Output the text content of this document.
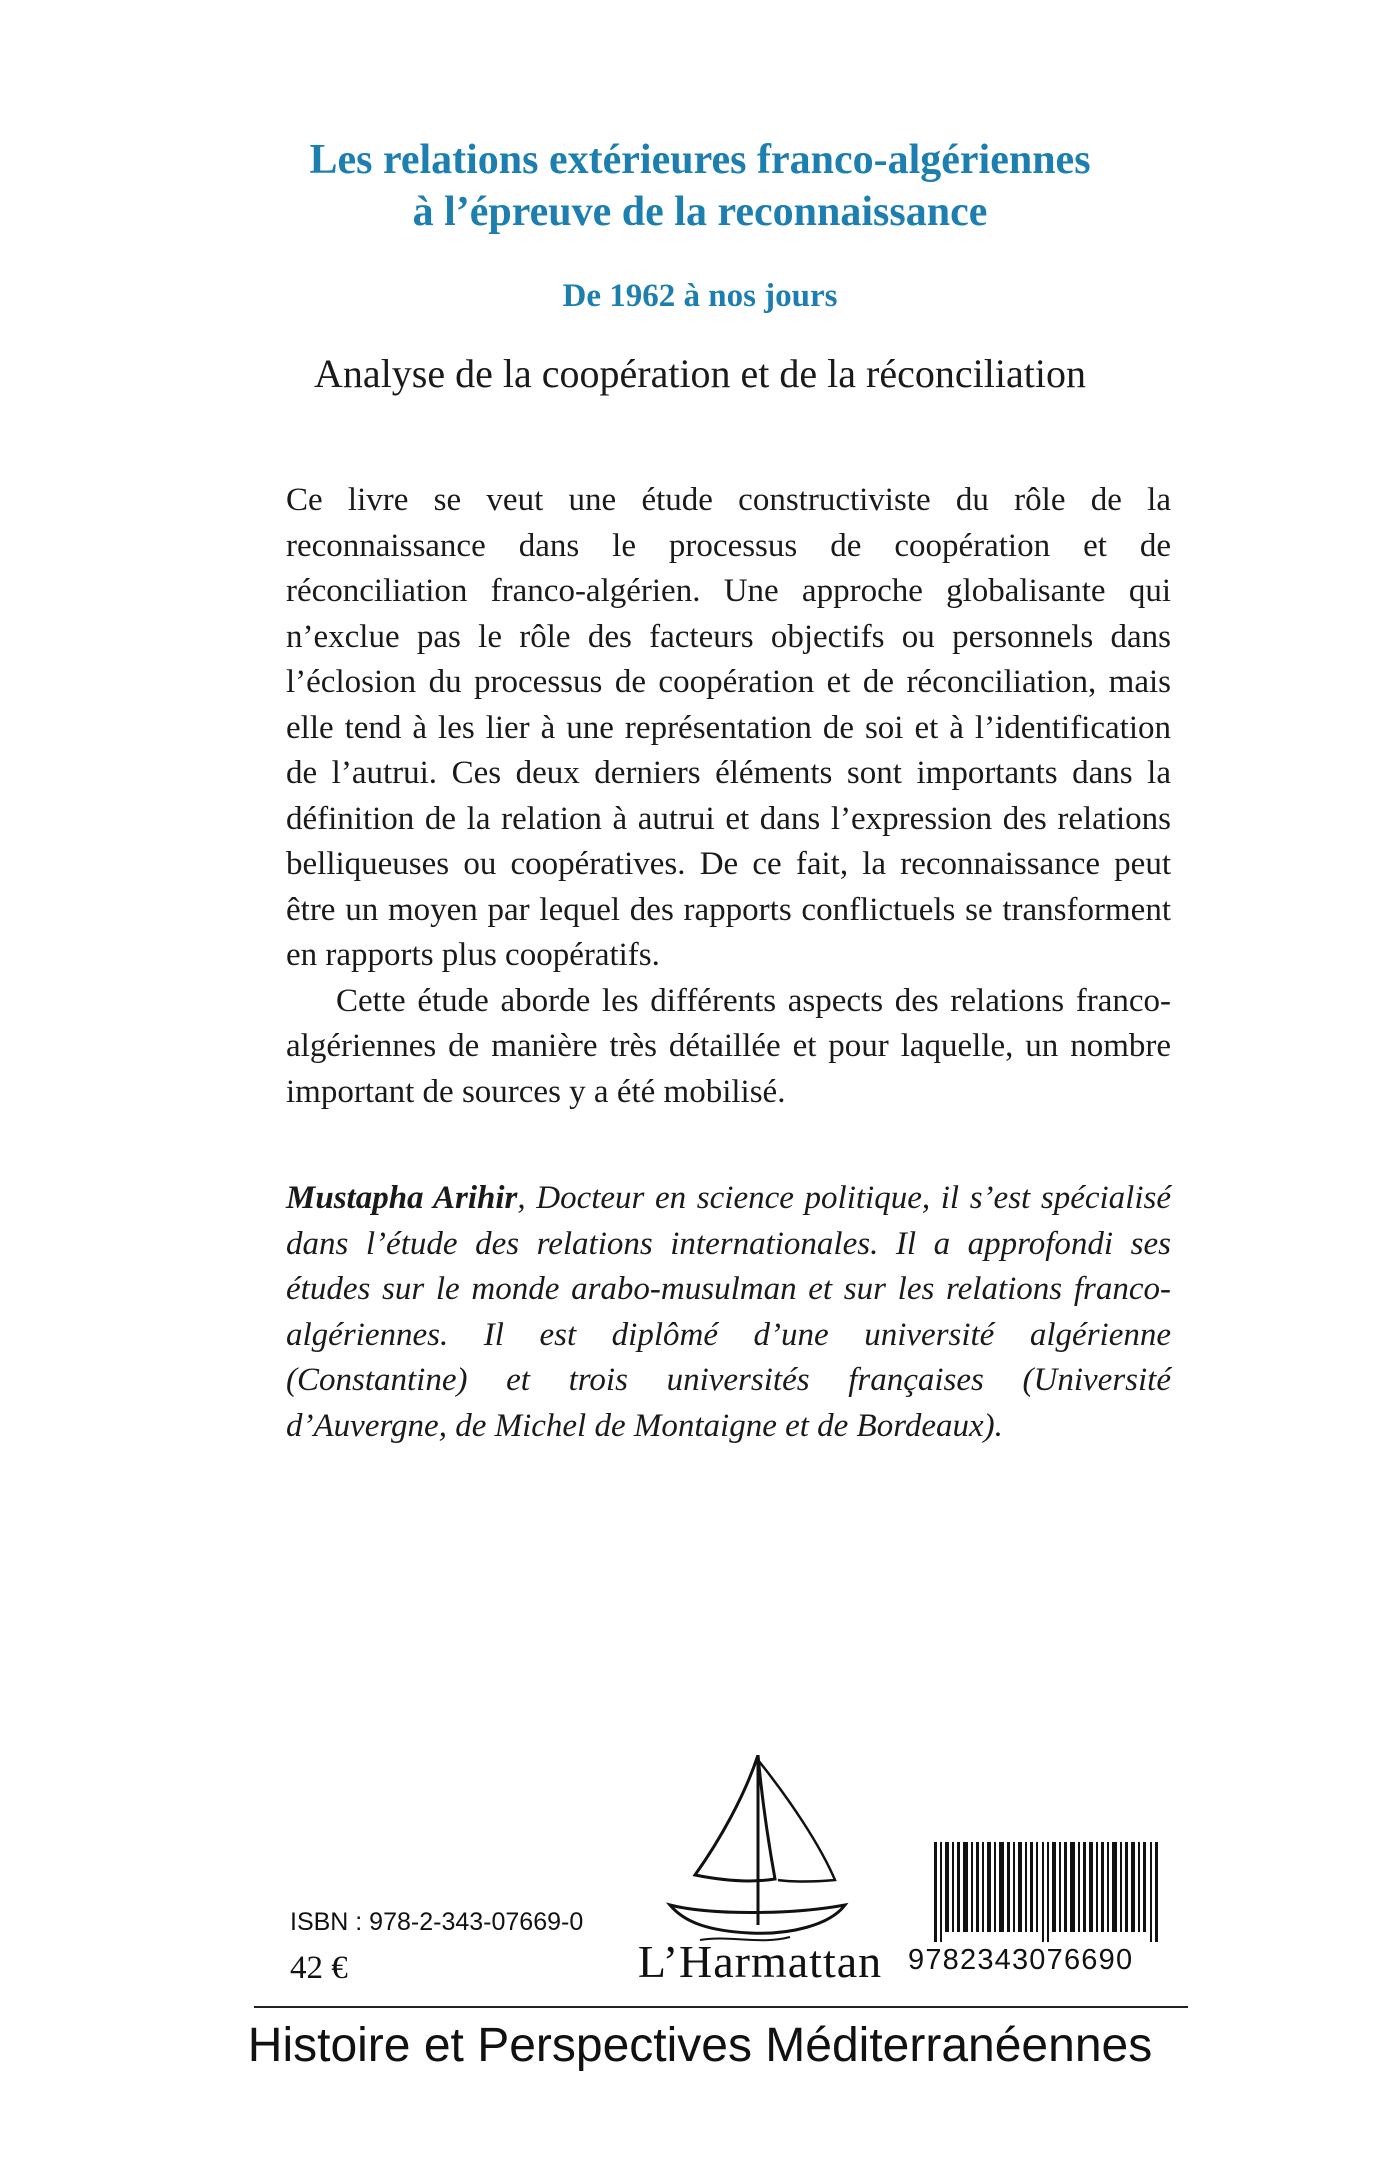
Les relations extérieures franco-algériennes
à l’épreuve de la reconnaissance
De 1962 à nos jours
Analyse de la coopération et de la réconciliation

Ce livre se veut une étude constructiviste du rôle de la reconnaissance dans le processus de coopération et de réconciliation franco-algérien. Une approche globalisante qui n’exclue pas le rôle des facteurs objectifs ou personnels dans l’éclosion du processus de coopération et de réconciliation, mais elle tend à les lier à une représentation de soi et à l’identification de l’autrui. Ces deux derniers éléments sont importants dans la définition de la relation à autrui et dans l’expression des relations belliqueuses ou coopératives. De ce fait, la reconnaissance peut être un moyen par lequel des rapports conflictuels se transforment en rapports plus coopératifs.

Cette étude aborde les différents aspects des relations franco-algériennes de manière très détaillée et pour laquelle, un nombre important de sources y a été mobilisé.

Mustapha Arihir, Docteur en science politique, il s’est spécialisé dans l’étude des relations internationales. Il a approfondi ses études sur le monde arabo-musulman et sur les relations franco-algériennes. Il est diplômé d’une université algérienne (Constantine) et trois universités françaises (Université d’Auvergne, de Michel de Montaigne et de Bordeaux).
ISBN : 978-2-343-07669-0
42 €	L’Harmattan 9782343076690
Histoire et Perspectives Méditerranéennes
